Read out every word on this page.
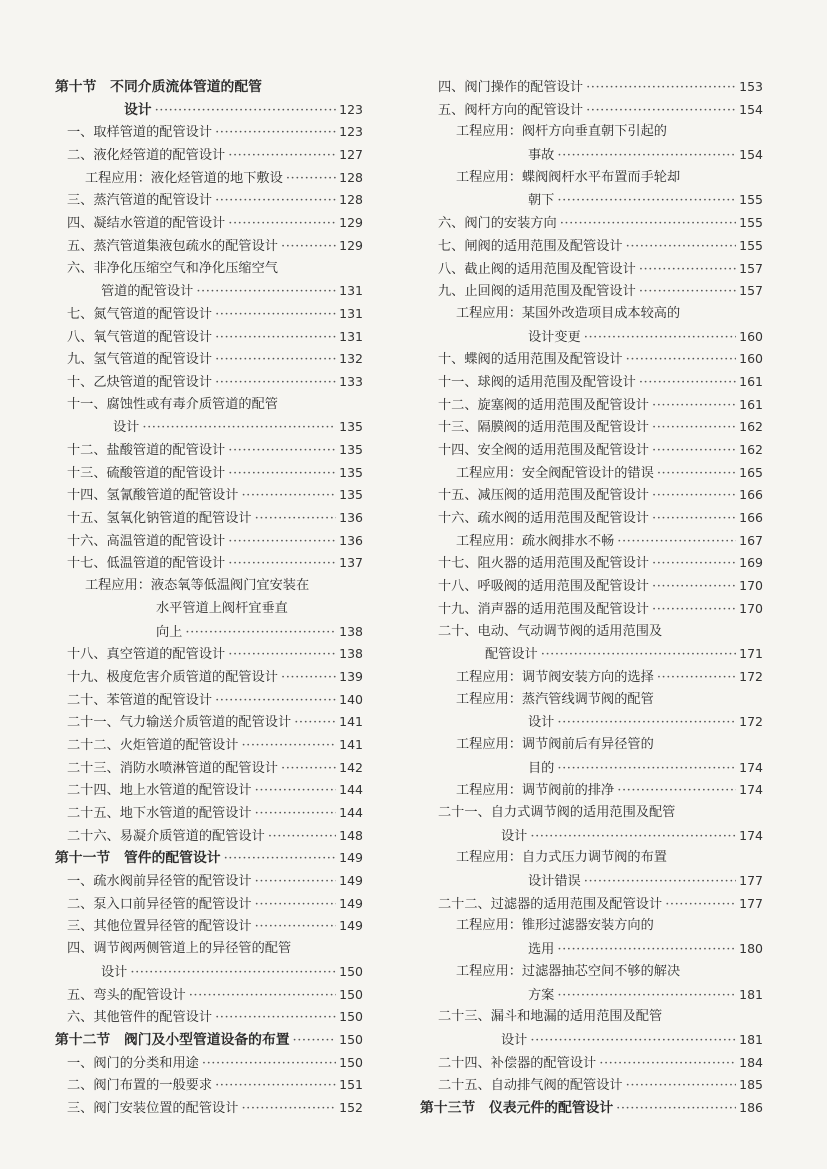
第十节　不同介质流体管道的配管
设计 ·····	123
一、取样管道的配管设计 ·····	123
二、液化烃管道的配管设计 ·····	127
工程应用：液化烃管道的地下敷设 ·····	128
三、蒸汽管道的配管设计 ·····	128
四、凝结水管道的配管设计 ·····	129
五、蒸汽管道集液包疏水的配管设计 ·····	129
六、非净化压缩空气和净化压缩空气
管道的配管设计 ·····	131
七、氮气管道的配管设计 ·····	131
八、氧气管道的配管设计 ·····	131
九、氢气管道的配管设计 ·····	132
十、乙炔管道的配管设计 ·····	133
十一、腐蚀性或有毒介质管道的配管
设计 ·····	135
十二、盐酸管道的配管设计 ·····	135
十三、硫酸管道的配管设计 ·····	135
十四、氢氰酸管道的配管设计 ·····	135
十五、氢氧化钠管道的配管设计 ·····	136
十六、高温管道的配管设计 ·····	136
十七、低温管道的配管设计 ·····	137
工程应用：液态氧等低温阀门宜安装在
水平管道上阀杆宜垂直
向上 ·····	138
十八、真空管道的配管设计 ·····	138
十九、极度危害介质管道的配管设计 ·····	139
二十、苯管道的配管设计 ·····	140
二十一、气力输送介质管道的配管设计 ·····	141
二十二、火炬管道的配管设计 ·····	141
二十三、消防水喷淋管道的配管设计 ·····	142
二十四、地上水管道的配管设计 ·····	144
二十五、地下水管道的配管设计 ·····	144
二十六、易凝介质管道的配管设计 ·····	148
第十一节　管件的配管设计 ·····	149
一、疏水阀前异径管的配管设计 ·····	149
二、泵入口前异径管的配管设计 ·····	149
三、其他位置异径管的配管设计 ·····	149
四、调节阀两侧管道上的异径管的配管
设计 ·····	150
五、弯头的配管设计 ·····	150
六、其他管件的配管设计 ·····	150
第十二节　阀门及小型管道设备的布置 ·····	150
一、阀门的分类和用途 ·····	150
二、阀门布置的一般要求 ·····	151
三、阀门安装位置的配管设计 ·····	152
四、阀门操作的配管设计 ·····	153
五、阀杆方向的配管设计 ·····	154
工程应用：阀杆方向垂直朝下引起的
事故 ·····	154
工程应用：蝶阀阀杆水平布置而手轮却
朝下 ·····	155
六、阀门的安装方向 ·····	155
七、闸阀的适用范围及配管设计 ·····	155
八、截止阀的适用范围及配管设计 ·····	157
九、止回阀的适用范围及配管设计 ·····	157
工程应用：某国外改造项目成本较高的
设计变更 ·····	160
十、蝶阀的适用范围及配管设计 ·····	160
十一、球阀的适用范围及配管设计 ·····	161
十二、旋塞阀的适用范围及配管设计 ·····	161
十三、隔膜阀的适用范围及配管设计 ·····	162
十四、安全阀的适用范围及配管设计 ·····	162
工程应用：安全阀配管设计的错误 ·····	165
十五、减压阀的适用范围及配管设计 ·····	166
十六、疏水阀的适用范围及配管设计 ·····	166
工程应用：疏水阀排水不畅 ·····	167
十七、阻火器的适用范围及配管设计 ·····	169
十八、呼吸阀的适用范围及配管设计 ·····	170
十九、消声器的适用范围及配管设计 ·····	170
二十、电动、气动调节阀的适用范围及
配管设计 ·····	171
工程应用：调节阀安装方向的选择 ·····	172
工程应用：蒸汽管线调节阀的配管
设计 ·····	172
工程应用：调节阀前后有异径管的
目的 ·····	174
工程应用：调节阀前的排净 ·····	174
二十一、自力式调节阀的适用范围及配管
设计 ·····	174
工程应用：自力式压力调节阀的布置
设计错误 ·····	177
二十二、过滤器的适用范围及配管设计 ·····	177
工程应用：锥形过滤器安装方向的
选用 ·····	180
工程应用：过滤器抽芯空间不够的解决
方案 ·····	181
二十三、漏斗和地漏的适用范围及配管
设计 ·····	181
二十四、补偿器的配管设计 ·····	184
二十五、自动排气阀的配管设计 ·····	185
第十三节　仪表元件的配管设计 ·····	186
